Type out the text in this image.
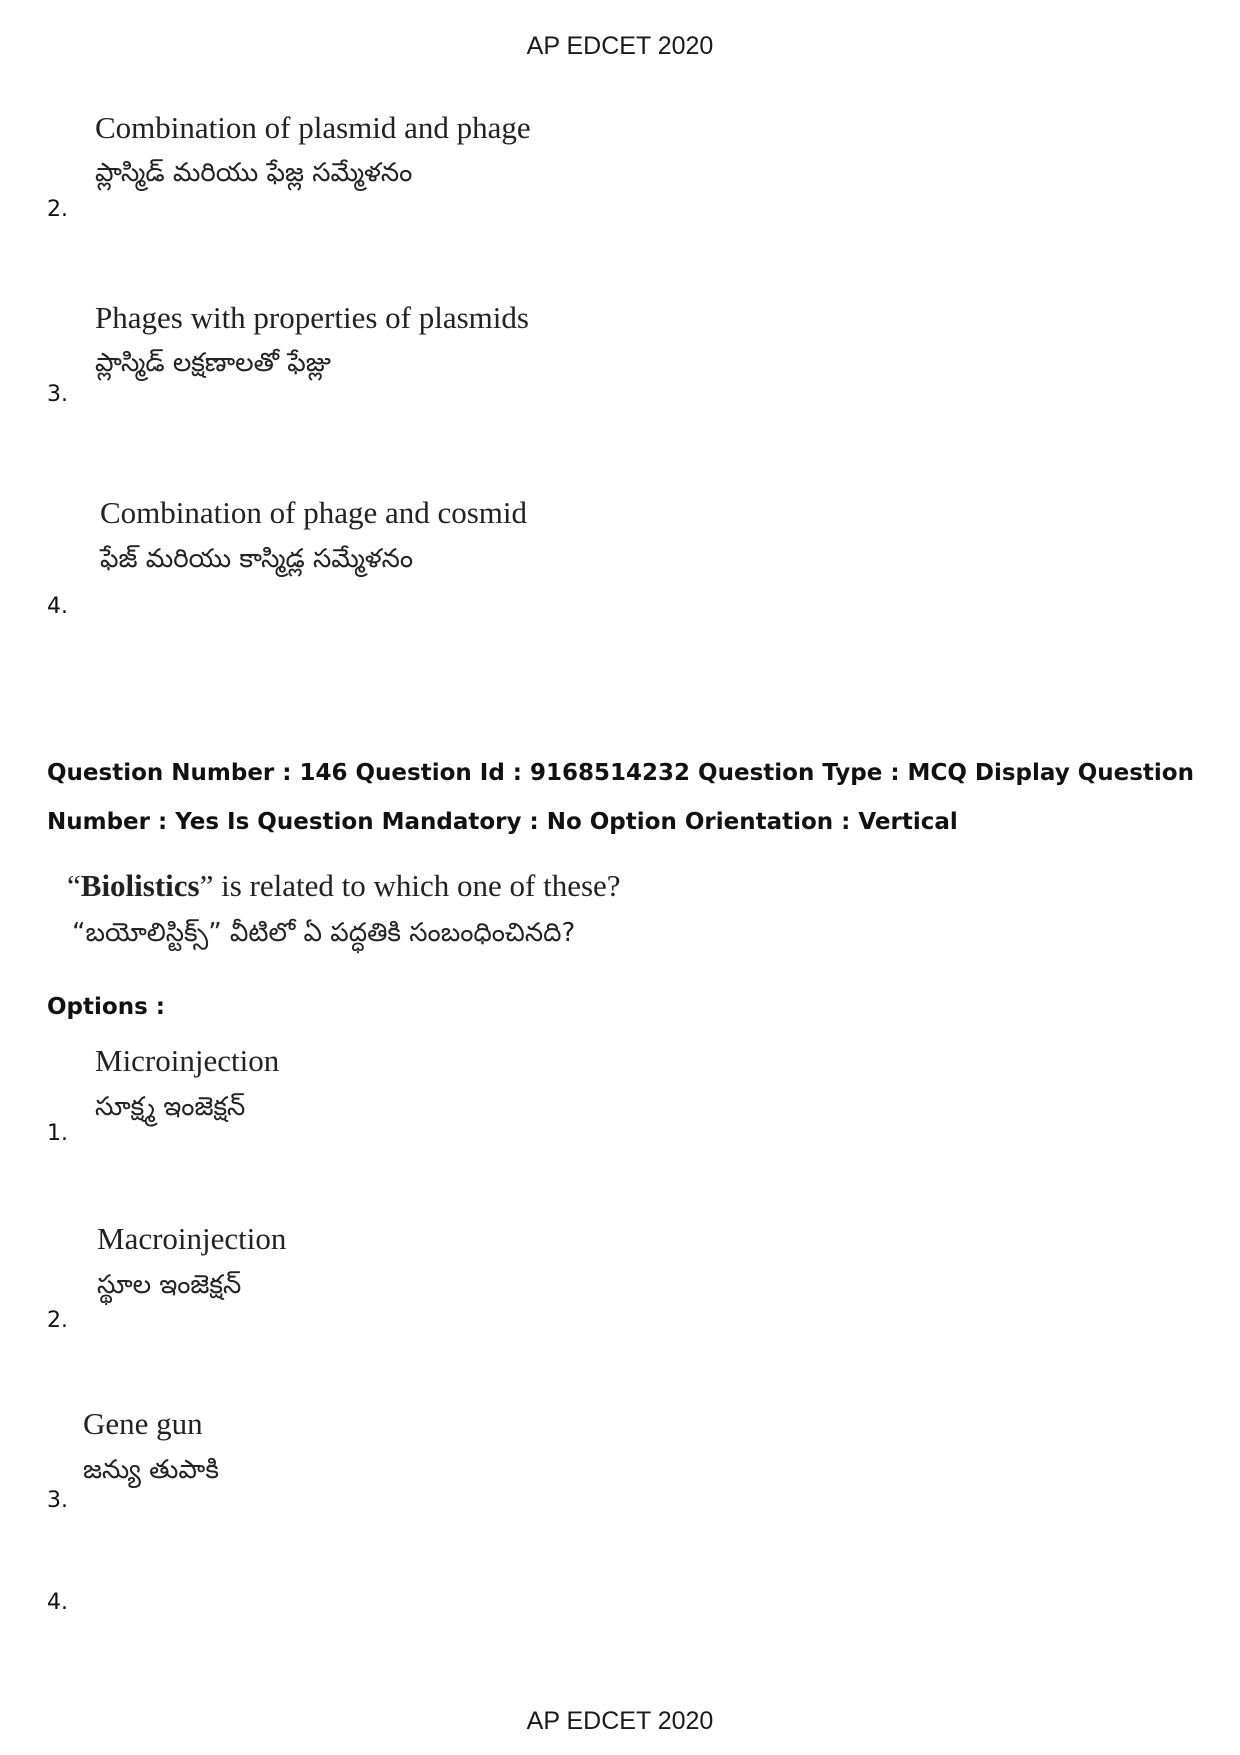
AP EDCET 2020
Combination of plasmid and phage
ప్లాస్మిడ్ మరియు ఫేజ్ల సమ్మేళనం
2.
Phages with properties of plasmids
ప్లాస్మిడ్ లక్షణాలతో ఫేజ్లు
3.
Combination of phage and cosmid
ఫేజ్ మరియు కాస్మిడ్ల సమ్మేళనం
4.
Question Number : 146 Question Id : 9168514232 Question Type : MCQ Display Question
Number : Yes Is Question Mandatory : No Option Orientation : Vertical
“Biolistics” is related to which one of these?
“బయోలిస్టిక్స్” వీటిలో ఏ పద్ధతికి సంబంధించినది?
Options :
Microinjection
సూక్ష్మ ఇంజెక్షన్
1.
Macroinjection
స్థూల ఇంజెక్షన్
2.
Gene gun
జన్యు తుపాకి
3.
4.
AP EDCET 2020
